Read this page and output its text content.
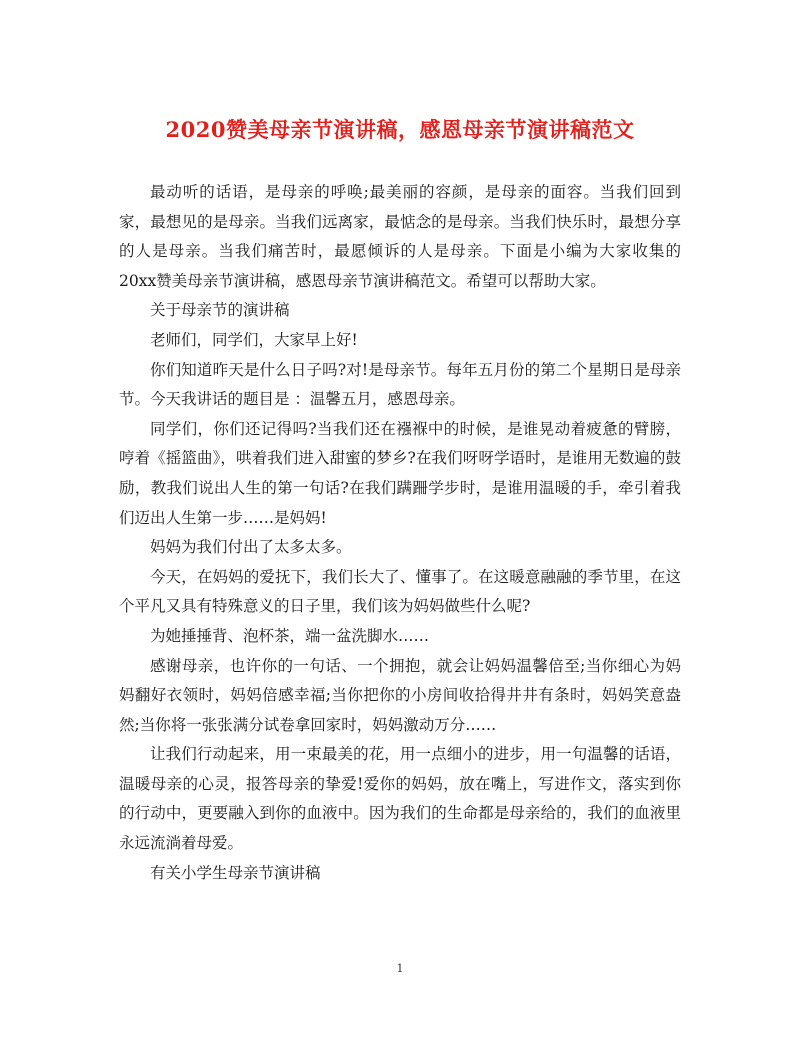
2020赞美母亲节演讲稿，感恩母亲节演讲稿范文

最动听的话语，是母亲的呼唤;最美丽的容颜，是母亲的面容。当我们回到家，最想见的是母亲。当我们远离家，最惦念的是母亲。当我们快乐时，最想分享的人是母亲。当我们痛苦时，最愿倾诉的人是母亲。下面是小编为大家收集的20xx赞美母亲节演讲稿，感恩母亲节演讲稿范文。希望可以帮助大家。

关于母亲节的演讲稿

老师们，同学们，大家早上好!

你们知道昨天是什么日子吗?对!是母亲节。每年五月份的第二个星期日是母亲节。今天我讲话的题目是 ：温馨五月，感恩母亲。

同学们，你们还记得吗?当我们还在襁褓中的时候，是谁晃动着疲惫的臂膀，哼着《摇篮曲》，哄着我们进入甜蜜的梦乡?在我们呀呀学语时，是谁用无数遍的鼓励，教我们说出人生的第一句话?在我们蹒跚学步时，是谁用温暖的手，牵引着我们迈出人生第一步……是妈妈!

妈妈为我们付出了太多太多。

今天，在妈妈的爱抚下，我们长大了、懂事了。在这暖意融融的季节里，在这个平凡又具有特殊意义的日子里，我们该为妈妈做些什么呢?

为她捶捶背、泡杯茶，端一盆洗脚水……

感谢母亲，也许你的一句话、一个拥抱，就会让妈妈温馨倍至;当你细心为妈妈翻好衣领时，妈妈倍感幸福;当你把你的小房间收拾得井井有条时，妈妈笑意盎然;当你将一张张满分试卷拿回家时，妈妈激动万分……

让我们行动起来，用一束最美的花，用一点细小的进步，用一句温馨的话语，温暖母亲的心灵，报答母亲的挚爱!爱你的妈妈，放在嘴上，写进作文，落实到你的行动中，更要融入到你的血液中。因为我们的生命都是母亲给的，我们的血液里永远流淌着母爱。

有关小学生母亲节演讲稿

1
